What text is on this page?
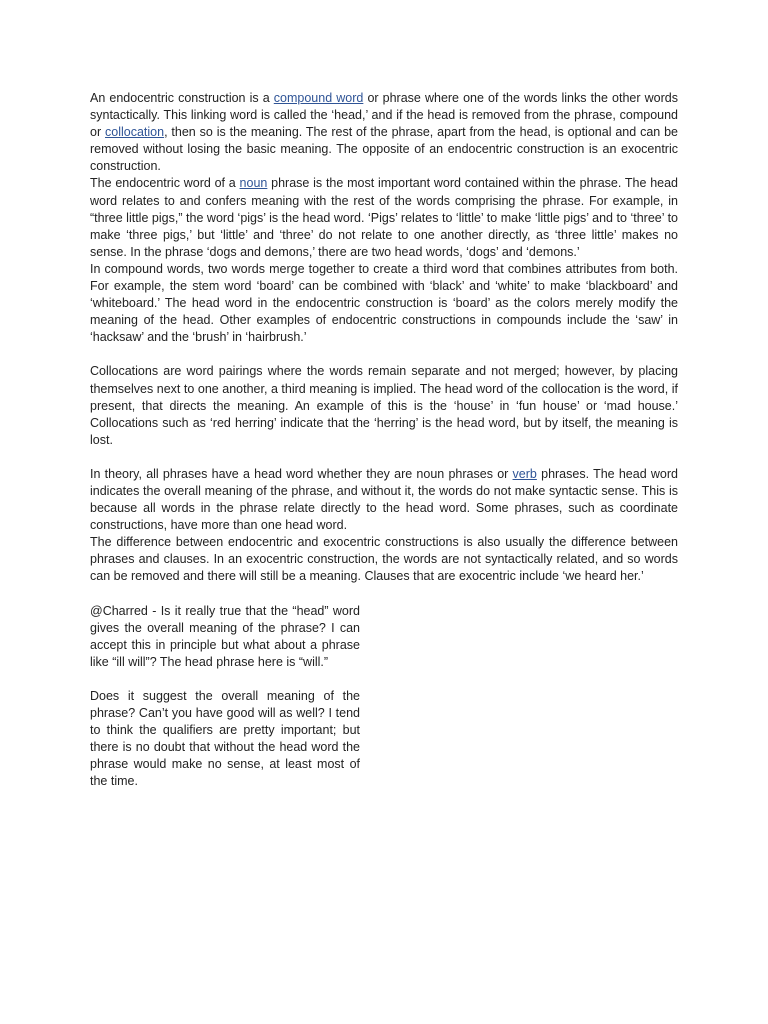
An endocentric construction is a compound word or phrase where one of the words links the other words syntactically. This linking word is called the ‘head,’ and if the head is removed from the phrase, compound or collocation, then so is the meaning. The rest of the phrase, apart from the head, is optional and can be removed without losing the basic meaning. The opposite of an endocentric construction is an exocentric construction.

The endocentric word of a noun phrase is the most important word contained within the phrase. The head word relates to and confers meaning with the rest of the words comprising the phrase. For example, in “three little pigs,” the word ‘pigs’ is the head word. ‘Pigs’ relates to ‘little’ to make ‘little pigs’ and to ‘three’ to make ‘three pigs,’ but ‘little’ and ‘three’ do not relate to one another directly, as ‘three little’ makes no sense. In the phrase ‘dogs and demons,’ there are two head words, ‘dogs’ and ‘demons.’

In compound words, two words merge together to create a third word that combines attributes from both. For example, the stem word ‘board’ can be combined with ‘black’ and ‘white’ to make ‘blackboard’ and ‘whiteboard.’ The head word in the endocentric construction is ‘board’ as the colors merely modify the meaning of the head. Other examples of endocentric constructions in compounds include the ‘saw’ in ‘hacksaw’ and the ‘brush’ in ‘hairbrush.’

Collocations are word pairings where the words remain separate and not merged; however, by placing themselves next to one another, a third meaning is implied. The head word of the collocation is the word, if present, that directs the meaning. An example of this is the ‘house’ in ‘fun house’ or ‘mad house.’ Collocations such as ‘red herring’ indicate that the ‘herring’ is the head word, but by itself, the meaning is lost.

In theory, all phrases have a head word whether they are noun phrases or verb phrases. The head word indicates the overall meaning of the phrase, and without it, the words do not make syntactic sense. This is because all words in the phrase relate directly to the head word. Some phrases, such as coordinate constructions, have more than one head word.

The difference between endocentric and exocentric constructions is also usually the difference between phrases and clauses. In an exocentric construction, the words are not syntactically related, and so words can be removed and there will still be a meaning. Clauses that are exocentric include ‘we heard her.’

@Charred - Is it really true that the “head” word gives the overall meaning of the phrase? I can accept this in principle but what about a phrase like “ill will”? The head phrase here is “will.”

Does it suggest the overall meaning of the phrase? Can’t you have good will as well? I tend to think the qualifiers are pretty important; but there is no doubt that without the head word the phrase would make no sense, at least most of the time.
